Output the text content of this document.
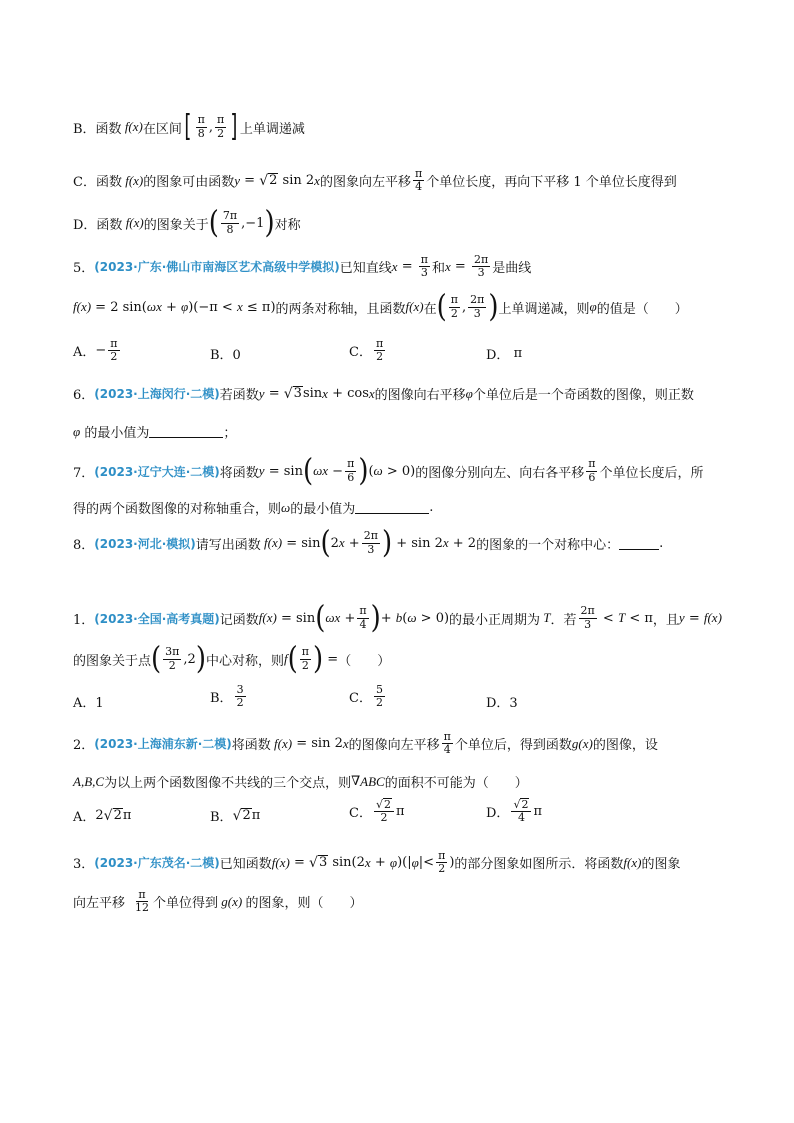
B．函数 f(x) 在区间 [ $\frac{\pi}{8}$ , $\frac{\pi}{2}$ ] 上单调递减
C．函数 f(x) 的图象可由函数 y = √ 2 sin 2 x 的图象向左平移 $\frac{\pi}{4}$ 个单位长度，再向下平移 1 个单位长度得到
D．函数 f(x) 的图象关于 ( $\frac{7\pi}{8} ,-1$ ) 对称
5． (2023·广东·佛山市南海区艺术高级中学模拟) 已知直线 $x = \frac{\pi}{3}$ 和 $x = \frac{2\pi}{3}$ 是曲线
f(x) = 2 sin( ωx + φ )(−π < x ≤ π) 的两条对称轴，且函数 f(x) 在 ( $\frac{\pi}{2}$ , $\frac{2\pi}{3}$ ) 上单调递减，则 φ 的值是（　　）
A． − $\frac{\pi}{2}$	B．0	C． $\frac{\pi}{2}$	D． π
6． (2023·上海闵行·二模) 若函数 y = √ 3 sin x + cos x 的图像向右平移 φ 个单位后是一个奇函数的图像，则正数
φ
的最小值为	；
7． (2023·辽宁大连·二模) 将函数 y = sin ( $\omega x - \frac{\pi}{6}$ ) ( ω > 0) 的图像分别向左、向右各平移 $\frac{\pi}{6}$ 个单位长度后，所
得的两个函数图像的对称轴重合，则 ω 的最小值为	.
8． (2023·河北·模拟) 请写出函数 f(x) = sin ( 2 $x + \frac{2\pi}{3}$ ) + sin 2 x + 2 的图象的一个对称中心：	.
1． (2023·全国·高考真题) 记函数 f(x) = sin ( $\omega x + \frac{\pi}{4}$ ) + b ( ω > 0) 的最小正周期为 T ．若 $\frac{2\pi}{3} < T < \pi$ ，且 y = f(x)
的图象关于点 ( $\frac{3\pi}{2} ,2$ ) 中心对称，则 f ( $\frac{\pi}{2}$ ) = （　　）
A．1	B． $\frac{3}{2}$	C． $\frac{5}{2}$	D．3
2． (2023·上海浦东新·二模) 将函数 f(x) = sin 2 x 的图像向左平移 $\frac{\pi}{4}$ 个单位后，得到函数 g(x) 的图像，设
A,B,C 为以上两个函数图像不共线的三个交点，则 ∇ ABC 的面积不可能为（　　）
A． 2 √ 2 π	B． √ 2 π	C． $\frac{√ 2}{2}$ π	D． $\frac{√ 2}{4}$ π
3． (2023·广东茂名·二模) 已知函数 f(x) = √ 3 sin(2 x + φ )(| φ |< $\frac{\pi}{2}$ ) 的部分图象如图所示．将函数 f(x) 的图象
向左平移 $\frac{\pi}{12}$ 个单位得到 g(x) 的图象，则（　　）
